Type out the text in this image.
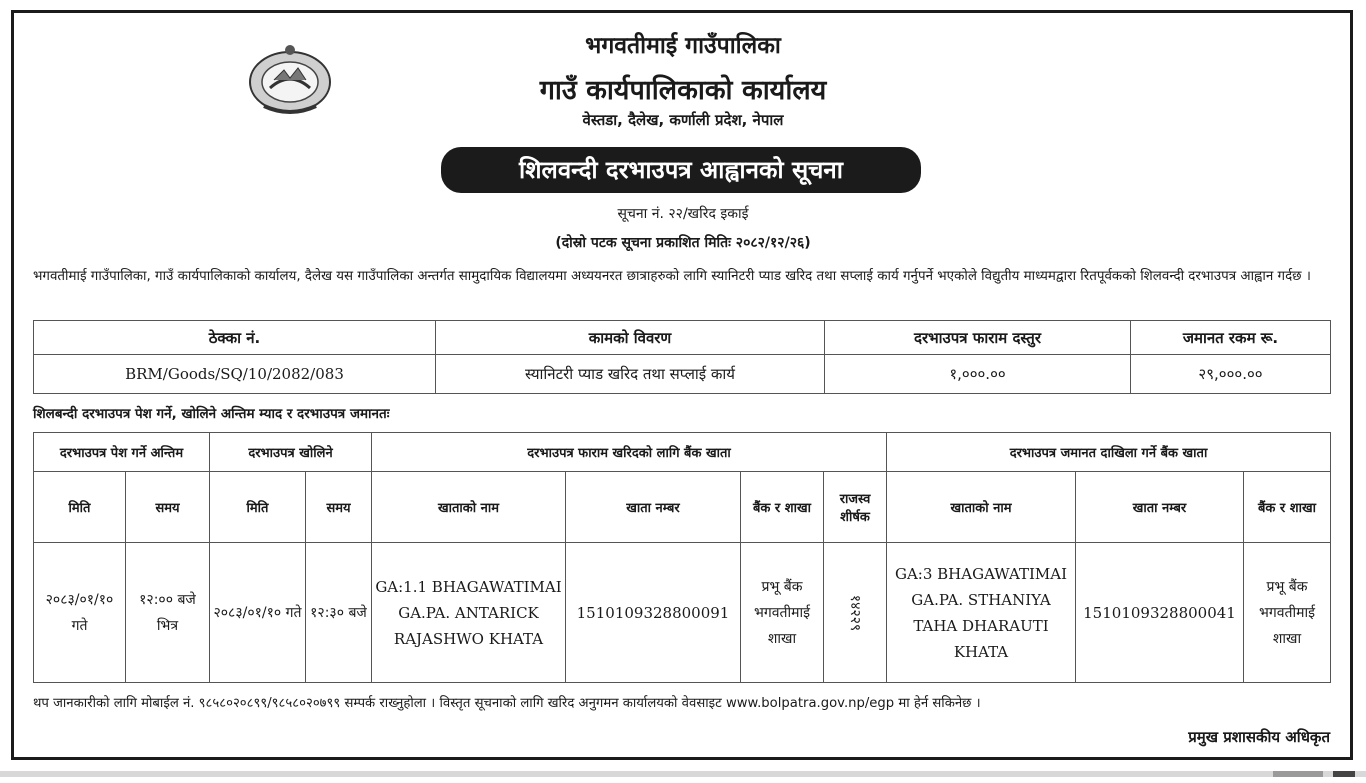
भगवतीमाई गाउँपालिका
गाउँ कार्यपालिकाको कार्यालय
वेस्तडा, दैलेख, कर्णाली प्रदेश, नेपाल
शिलवन्दी दरभाउपत्र आह्वानको सूचना
सूचना नं. २२/खरिद इकाई
(दोस्रो पटक सूचना प्रकाशित मितिः २०८२/१२/२६)
भगवतीमाई गाउँपालिका, गाउँ कार्यपालिकाको कार्यालय, दैलेख यस गाउँपालिका अन्तर्गत सामुदायिक विद्यालयमा अध्ययनरत छात्राहरुको लागि स्यानिटरी प्याड खरिद तथा सप्लाई कार्य गर्नुपर्ने भएकोले विद्युतीय माध्यमद्वारा रितपूर्वकको शिलवन्दी दरभाउपत्र आह्वान गर्दछ ।
ठेक्का नं.	कामको विवरण	दरभाउपत्र फाराम दस्तुर	जमानत रकम रू.
BRM/Goods/SQ/10/2082/083	स्यानिटरी प्याड खरिद तथा सप्लाई कार्य	१,०००.००	२९,०००.००
शिलबन्दी दरभाउपत्र पेश गर्ने, खोलिने अन्तिम म्याद र दरभाउपत्र जमानतः
दरभाउपत्र पेश गर्ने अन्तिम		दरभाउपत्र खोलिने		दरभाउपत्र फाराम खरिदको लागि बैंक खाता				दरभाउपत्र जमानत दाखिला गर्ने बैंक खाता		
मिति	समय	मिति	समय	खाताको नाम	खाता नम्बर	बैंक र शाखा	राजस्व शीर्षक	खाताको नाम	खाता नम्बर	बैंक र शाखा
२०८३/०१/१० गते	१२:०० बजे भित्र	२०८३/०१/१० गते	१२:३० बजे	GA:1.1 BHAGAWATIMAI GA.PA. ANTARICK RAJASHWO KHATA	1510109328800091	प्रभू बैंक भगवतीमाई शाखा	१४२२९	GA:3 BHAGAWATIMAI GA.PA. STHANIYA TAHA DHARAUTI KHATA	1510109328800041	प्रभू बैंक भगवतीमाई शाखा
थप जानकारीको लागि मोबाईल नं. ९८५८०२०८९९/९८५८०२०७९९ सम्पर्क राख्नुहोला । विस्तृत सूचनाको लागि खरिद अनुगमन कार्यालयको वेवसाइट www.bolpatra.gov.np/egp मा हेर्न सकिनेछ ।
प्रमुख प्रशासकीय अधिकृत
